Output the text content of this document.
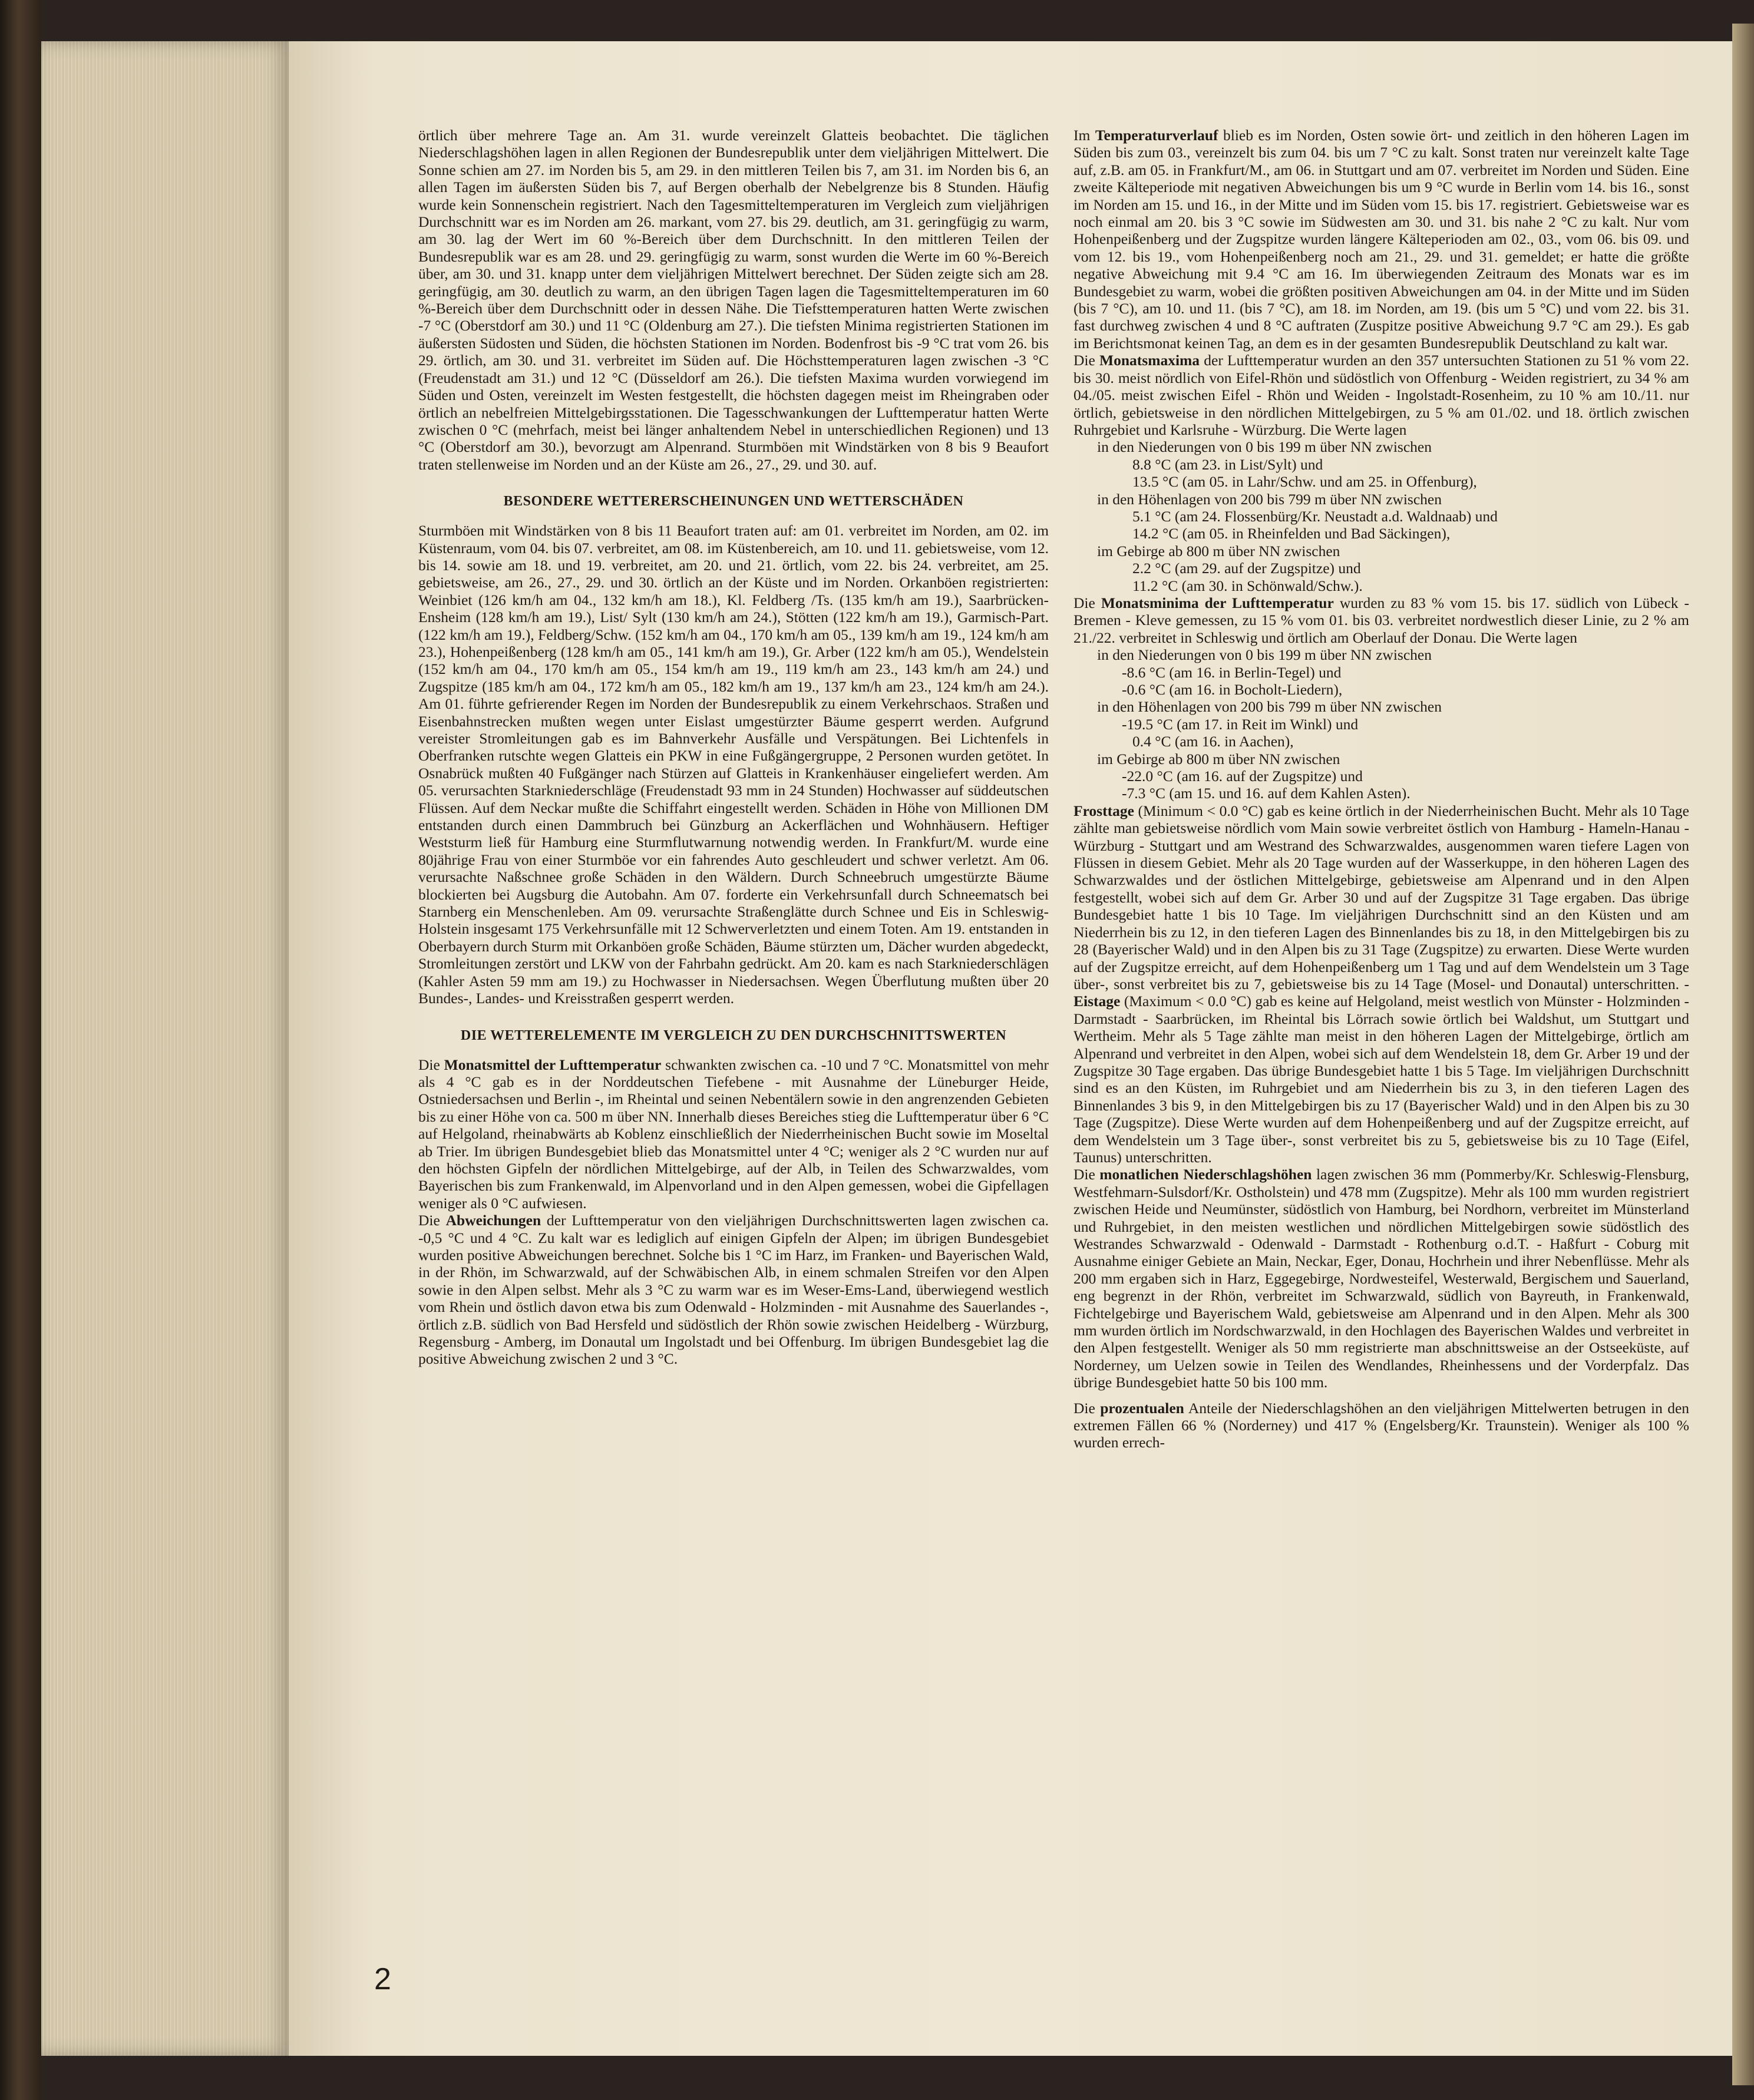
örtlich über mehrere Tage an. Am 31. wurde vereinzelt Glatteis beobachtet. Die täglichen Niederschlagshöhen lagen in allen Regionen der Bundesrepublik unter dem vieljährigen Mittelwert. Die Sonne schien am 27. im Norden bis 5, am 29. in den mittleren Teilen bis 7, am 31. im Norden bis 6, an allen Tagen im äußersten Süden bis 7, auf Bergen oberhalb der Nebelgrenze bis 8 Stunden. Häufig wurde kein Sonnenschein registriert. Nach den Tagesmitteltemperaturen im Vergleich zum vieljährigen Durchschnitt war es im Norden am 26. markant, vom 27. bis 29. deutlich, am 31. geringfügig zu warm, am 30. lag der Wert im 60 %-Bereich über dem Durchschnitt. In den mittleren Teilen der Bundesrepublik war es am 28. und 29. geringfügig zu warm, sonst wurden die Werte im 60 %-Bereich über, am 30. und 31. knapp unter dem vieljährigen Mittelwert berechnet. Der Süden zeigte sich am 28. geringfügig, am 30. deutlich zu warm, an den übrigen Tagen lagen die Tagesmitteltemperaturen im 60 %-Bereich über dem Durchschnitt oder in dessen Nähe. Die Tiefsttemperaturen hatten Werte zwischen -7 °C (Oberstdorf am 30.) und 11 °C (Oldenburg am 27.). Die tiefsten Minima registrierten Stationen im äußersten Südosten und Süden, die höchsten Stationen im Norden. Bodenfrost bis -9 °C trat vom 26. bis 29. örtlich, am 30. und 31. verbreitet im Süden auf. Die Höchsttemperaturen lagen zwischen -3 °C (Freudenstadt am 31.) und 12 °C (Düsseldorf am 26.). Die tiefsten Maxima wurden vorwiegend im Süden und Osten, vereinzelt im Westen festgestellt, die höchsten dagegen meist im Rheingraben oder örtlich an nebelfreien Mittelgebirgsstationen. Die Tagesschwankungen der Lufttemperatur hatten Werte zwischen 0 °C (mehrfach, meist bei länger anhaltendem Nebel in unterschiedlichen Regionen) und 13 °C (Oberstdorf am 30.), bevorzugt am Alpenrand. Sturmböen mit Windstärken von 8 bis 9 Beaufort traten stellenweise im Norden und an der Küste am 26., 27., 29. und 30. auf.

BESONDERE WETTERERSCHEINUNGEN UND WETTERSCHÄDEN

Sturmböen mit Windstärken von 8 bis 11 Beaufort traten auf: am 01. verbreitet im Norden, am 02. im Küstenraum, vom 04. bis 07. verbreitet, am 08. im Küstenbereich, am 10. und 11. gebietsweise, vom 12. bis 14. sowie am 18. und 19. verbreitet, am 20. und 21. örtlich, vom 22. bis 24. verbreitet, am 25. gebietsweise, am 26., 27., 29. und 30. örtlich an der Küste und im Norden. Orkanböen registrierten: Weinbiet (126 km/h am 04., 132 km/h am 18.), Kl. Feldberg /Ts. (135 km/h am 19.), Saarbrücken-Ensheim (128 km/h am 19.), List/ Sylt (130 km/h am 24.), Stötten (122 km/h am 19.), Garmisch-Part. (122 km/h am 19.), Feldberg/Schw. (152 km/h am 04., 170 km/h am 05., 139 km/h am 19., 124 km/h am 23.), Hohenpeißenberg (128 km/h am 05., 141 km/h am 19.), Gr. Arber (122 km/h am 05.), Wendelstein (152 km/h am 04., 170 km/h am 05., 154 km/h am 19., 119 km/h am 23., 143 km/h am 24.) und Zugspitze (185 km/h am 04., 172 km/h am 05., 182 km/h am 19., 137 km/h am 23., 124 km/h am 24.). Am 01. führte gefrierender Regen im Norden der Bundesrepublik zu einem Verkehrschaos. Straßen und Eisenbahnstrecken mußten wegen unter Eislast umgestürzter Bäume gesperrt werden. Aufgrund vereister Stromleitungen gab es im Bahnverkehr Ausfälle und Verspätungen. Bei Lichtenfels in Oberfranken rutschte wegen Glatteis ein PKW in eine Fußgängergruppe, 2 Personen wurden getötet. In Osnabrück mußten 40 Fußgänger nach Stürzen auf Glatteis in Krankenhäuser eingeliefert werden. Am 05. verursachten Starkniederschläge (Freudenstadt 93 mm in 24 Stunden) Hochwasser auf süddeutschen Flüssen. Auf dem Neckar mußte die Schiffahrt eingestellt werden. Schäden in Höhe von Millionen DM entstanden durch einen Dammbruch bei Günzburg an Ackerflächen und Wohnhäusern. Heftiger Weststurm ließ für Hamburg eine Sturmflutwarnung notwendig werden. In Frankfurt/M. wurde eine 80jährige Frau von einer Sturmböe vor ein fahrendes Auto geschleudert und schwer verletzt. Am 06. verursachte Naßschnee große Schäden in den Wäldern. Durch Schneebruch umgestürzte Bäume blockierten bei Augsburg die Autobahn. Am 07. forderte ein Verkehrsunfall durch Schneematsch bei Starnberg ein Menschenleben. Am 09. verursachte Straßenglätte durch Schnee und Eis in Schleswig-Holstein insgesamt 175 Verkehrsunfälle mit 12 Schwerverletzten und einem Toten. Am 19. entstanden in Oberbayern durch Sturm mit Orkanböen große Schäden, Bäume stürzten um, Dächer wurden abgedeckt, Stromleitungen zerstört und LKW von der Fahrbahn gedrückt. Am 20. kam es nach Starkniederschlägen (Kahler Asten 59 mm am 19.) zu Hochwasser in Niedersachsen. Wegen Überflutung mußten über 20 Bundes-, Landes- und Kreisstraßen gesperrt werden.

DIE WETTERELEMENTE IM VERGLEICH ZU DEN DURCHSCHNITTSWERTEN

Die Monatsmittel der Lufttemperatur schwankten zwischen ca. -10 und 7 °C. Monatsmittel von mehr als 4 °C gab es in der Norddeutschen Tiefebene - mit Ausnahme der Lüneburger Heide, Ostniedersachsen und Berlin -, im Rheintal und seinen Nebentälern sowie in den angrenzenden Gebieten bis zu einer Höhe von ca. 500 m über NN. Innerhalb dieses Bereiches stieg die Lufttemperatur über 6 °C auf Helgoland, rheinabwärts ab Koblenz einschließlich der Niederrheinischen Bucht sowie im Moseltal ab Trier. Im übrigen Bundesgebiet blieb das Monatsmittel unter 4 °C; weniger als 2 °C wurden nur auf den höchsten Gipfeln der nördlichen Mittelgebirge, auf der Alb, in Teilen des Schwarzwaldes, vom Bayerischen bis zum Frankenwald, im Alpenvorland und in den Alpen gemessen, wobei die Gipfellagen weniger als 0 °C aufwiesen.

Die Abweichungen der Lufttemperatur von den vieljährigen Durchschnittswerten lagen zwischen ca. -0,5 °C und 4 °C. Zu kalt war es lediglich auf einigen Gipfeln der Alpen; im übrigen Bundesgebiet wurden positive Abweichungen berechnet. Solche bis 1 °C im Harz, im Franken- und Bayerischen Wald, in der Rhön, im Schwarzwald, auf der Schwäbischen Alb, in einem schmalen Streifen vor den Alpen sowie in den Alpen selbst. Mehr als 3 °C zu warm war es im Weser-Ems-Land, überwiegend westlich vom Rhein und östlich davon etwa bis zum Odenwald - Holzminden - mit Ausnahme des Sauerlandes -, örtlich z.B. südlich von Bad Hersfeld und südöstlich der Rhön sowie zwischen Heidelberg - Würzburg, Regensburg - Amberg, im Donautal um Ingolstadt und bei Offenburg. Im übrigen Bundesgebiet lag die positive Abweichung zwischen 2 und 3 °C.

Im Temperaturverlauf blieb es im Norden, Osten sowie ört- und zeitlich in den höheren Lagen im Süden bis zum 03., vereinzelt bis zum 04. bis um 7 °C zu kalt. Sonst traten nur vereinzelt kalte Tage auf, z.B. am 05. in Frankfurt/M., am 06. in Stuttgart und am 07. verbreitet im Norden und Süden. Eine zweite Kälteperiode mit negativen Abweichungen bis um 9 °C wurde in Berlin vom 14. bis 16., sonst im Norden am 15. und 16., in der Mitte und im Süden vom 15. bis 17. registriert. Gebietsweise war es noch einmal am 20. bis 3 °C sowie im Südwesten am 30. und 31. bis nahe 2 °C zu kalt. Nur vom Hohenpeißenberg und der Zugspitze wurden längere Kälteperioden am 02., 03., vom 06. bis 09. und vom 12. bis 19., vom Hohenpeißenberg noch am 21., 29. und 31. gemeldet; er hatte die größte negative Abweichung mit 9.4 °C am 16. Im überwiegenden Zeitraum des Monats war es im Bundesgebiet zu warm, wobei die größten positiven Abweichungen am 04. in der Mitte und im Süden (bis 7 °C), am 10. und 11. (bis 7 °C), am 18. im Norden, am 19. (bis um 5 °C) und vom 22. bis 31. fast durchweg zwischen 4 und 8 °C auftraten (Zuspitze positive Abweichung 9.7 °C am 29.). Es gab im Berichtsmonat keinen Tag, an dem es in der gesamten Bundesrepublik Deutschland zu kalt war.

Die Monatsmaxima der Lufttemperatur wurden an den 357 untersuchten Stationen zu 51 % vom 22. bis 30. meist nördlich von Eifel-Rhön und südöstlich von Offenburg - Weiden registriert, zu 34 % am 04./05. meist zwischen Eifel - Rhön und Weiden - Ingolstadt-Rosenheim, zu 10 % am 10./11. nur örtlich, gebietsweise in den nördlichen Mittelgebirgen, zu 5 % am 01./02. und 18. örtlich zwischen Ruhrgebiet und Karlsruhe - Würzburg. Die Werte lagen

in den Niederungen von 0 bis 199 m über NN zwischen

8.8 °C (am 23. in List/Sylt) und

13.5 °C (am 05. in Lahr/Schw. und am 25. in Offenburg),

in den Höhenlagen von 200 bis 799 m über NN zwischen

5.1 °C (am 24. Flossenbürg/Kr. Neustadt a.d. Waldnaab) und

14.2 °C (am 05. in Rheinfelden und Bad Säckingen),

im Gebirge ab 800 m über NN zwischen

2.2 °C (am 29. auf der Zugspitze) und

11.2 °C (am 30. in Schönwald/Schw.).

Die Monatsminima der Lufttemperatur wurden zu 83 % vom 15. bis 17. südlich von Lübeck - Bremen - Kleve gemessen, zu 15 % vom 01. bis 03. verbreitet nordwestlich dieser Linie, zu 2 % am 21./22. verbreitet in Schleswig und örtlich am Oberlauf der Donau. Die Werte lagen

in den Niederungen von 0 bis 199 m über NN zwischen

-8.6 °C (am 16. in Berlin-Tegel) und

-0.6 °C (am 16. in Bocholt-Liedern),

in den Höhenlagen von 200 bis 799 m über NN zwischen

-19.5 °C (am 17. in Reit im Winkl) und

0.4 °C (am 16. in Aachen),

im Gebirge ab 800 m über NN zwischen

-22.0 °C (am 16. auf der Zugspitze) und

-7.3 °C (am 15. und 16. auf dem Kahlen Asten).

Frosttage (Minimum < 0.0 °C) gab es keine örtlich in der Niederrheinischen Bucht. Mehr als 10 Tage zählte man gebietsweise nördlich vom Main sowie verbreitet östlich von Hamburg - Hameln-Hanau - Würzburg - Stuttgart und am Westrand des Schwarzwaldes, ausgenommen waren tiefere Lagen von Flüssen in diesem Gebiet. Mehr als 20 Tage wurden auf der Wasserkuppe, in den höheren Lagen des Schwarzwaldes und der östlichen Mittelgebirge, gebietsweise am Alpenrand und in den Alpen festgestellt, wobei sich auf dem Gr. Arber 30 und auf der Zugspitze 31 Tage ergaben. Das übrige Bundesgebiet hatte 1 bis 10 Tage. Im vieljährigen Durchschnitt sind an den Küsten und am Niederrhein bis zu 12, in den tieferen Lagen des Binnenlandes bis zu 18, in den Mittelgebirgen bis zu 28 (Bayerischer Wald) und in den Alpen bis zu 31 Tage (Zugspitze) zu erwarten. Diese Werte wurden auf der Zugspitze erreicht, auf dem Hohenpeißenberg um 1 Tag und auf dem Wendelstein um 3 Tage über-, sonst verbreitet bis zu 7, gebietsweise bis zu 14 Tage (Mosel- und Donautal) unterschritten. - Eistage (Maximum < 0.0 °C) gab es keine auf Helgoland, meist westlich von Münster - Holzminden - Darmstadt - Saarbrücken, im Rheintal bis Lörrach sowie örtlich bei Waldshut, um Stuttgart und Wertheim. Mehr als 5 Tage zählte man meist in den höheren Lagen der Mittelgebirge, örtlich am Alpenrand und verbreitet in den Alpen, wobei sich auf dem Wendelstein 18, dem Gr. Arber 19 und der Zugspitze 30 Tage ergaben. Das übrige Bundesgebiet hatte 1 bis 5 Tage. Im vieljährigen Durchschnitt sind es an den Küsten, im Ruhrgebiet und am Niederrhein bis zu 3, in den tieferen Lagen des Binnenlandes 3 bis 9, in den Mittelgebirgen bis zu 17 (Bayerischer Wald) und in den Alpen bis zu 30 Tage (Zugspitze). Diese Werte wurden auf dem Hohenpeißenberg und auf der Zugspitze erreicht, auf dem Wendelstein um 3 Tage über-, sonst verbreitet bis zu 5, gebietsweise bis zu 10 Tage (Eifel, Taunus) unterschritten.

Die monatlichen Niederschlagshöhen lagen zwischen 36 mm (Pommerby/Kr. Schleswig-Flensburg, Westfehmarn-Sulsdorf/Kr. Ostholstein) und 478 mm (Zugspitze). Mehr als 100 mm wurden registriert zwischen Heide und Neumünster, südöstlich von Hamburg, bei Nordhorn, verbreitet im Münsterland und Ruhrgebiet, in den meisten westlichen und nördlichen Mittelgebirgen sowie südöstlich des Westrandes Schwarzwald - Odenwald - Darmstadt - Rothenburg o.d.T. - Haßfurt - Coburg mit Ausnahme einiger Gebiete an Main, Neckar, Eger, Donau, Hochrhein und ihrer Nebenflüsse. Mehr als 200 mm ergaben sich in Harz, Eggegebirge, Nordwesteifel, Westerwald, Bergischem und Sauerland, eng begrenzt in der Rhön, verbreitet im Schwarzwald, südlich von Bayreuth, in Frankenwald, Fichtelgebirge und Bayerischem Wald, gebietsweise am Alpenrand und in den Alpen. Mehr als 300 mm wurden örtlich im Nordschwarzwald, in den Hochlagen des Bayerischen Waldes und verbreitet in den Alpen festgestellt. Weniger als 50 mm registrierte man abschnittsweise an der Ostseeküste, auf Norderney, um Uelzen sowie in Teilen des Wendlandes, Rheinhessens und der Vorderpfalz. Das übrige Bundesgebiet hatte 50 bis 100 mm.

Die prozentualen Anteile der Niederschlagshöhen an den vieljährigen Mittelwerten betrugen in den extremen Fällen 66 % (Norderney) und 417 % (Engelsberg/Kr. Traunstein). Weniger als 100 % wurden errech-

2
